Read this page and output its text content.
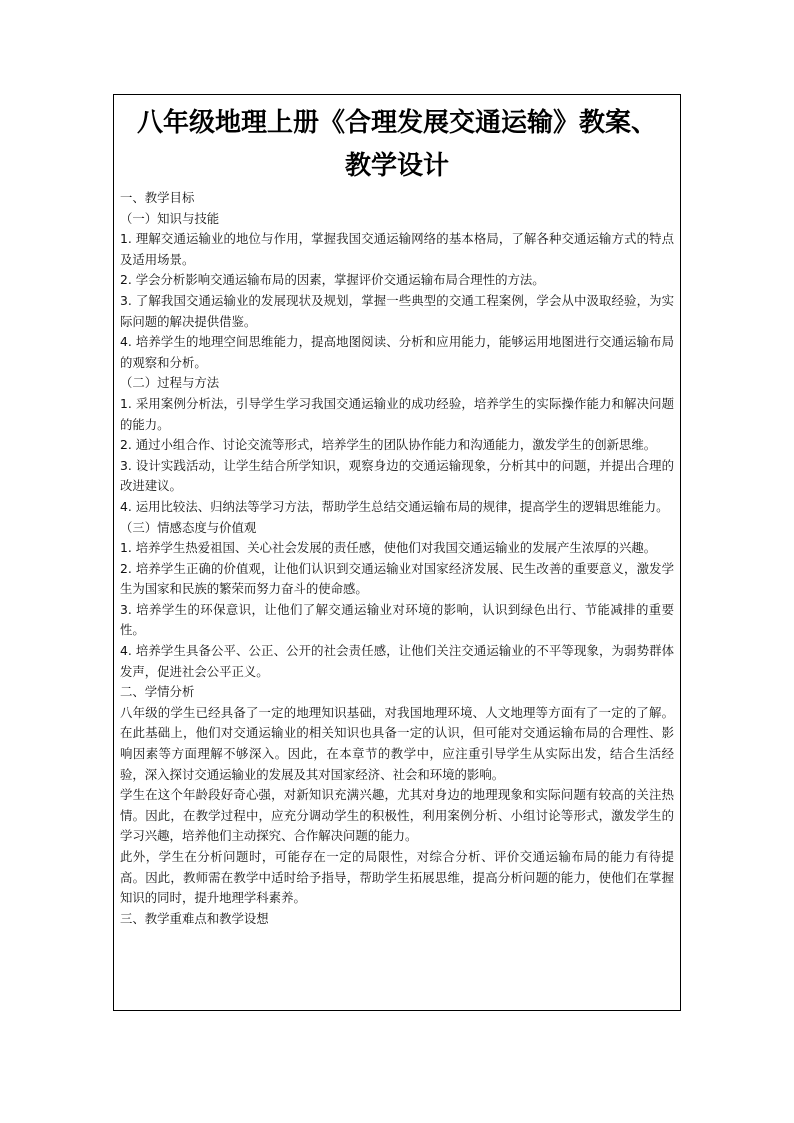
八年级地理上册《合理发展交通运输》教案、
教学设计

一、教学目标

（一）知识与技能

1. 理解交通运输业的地位与作用，掌握我国交通运输网络的基本格局，了解各种交通运输方式的特点及适用场景。

2. 学会分析影响交通运输布局的因素，掌握评价交通运输布局合理性的方法。

3. 了解我国交通运输业的发展现状及规划，掌握一些典型的交通工程案例，学会从中汲取经验，为实际问题的解决提供借鉴。

4. 培养学生的地理空间思维能力，提高地图阅读、分析和应用能力，能够运用地图进行交通运输布局的观察和分析。

（二）过程与方法

1. 采用案例分析法，引导学生学习我国交通运输业的成功经验，培养学生的实际操作能力和解决问题的能力。

2. 通过小组合作、讨论交流等形式，培养学生的团队协作能力和沟通能力，激发学生的创新思维。

3. 设计实践活动，让学生结合所学知识，观察身边的交通运输现象，分析其中的问题，并提出合理的改进建议。

4. 运用比较法、归纳法等学习方法，帮助学生总结交通运输布局的规律，提高学生的逻辑思维能力。

（三）情感态度与价值观

1. 培养学生热爱祖国、关心社会发展的责任感，使他们对我国交通运输业的发展产生浓厚的兴趣。

2. 培养学生正确的价值观，让他们认识到交通运输业对国家经济发展、民生改善的重要意义，激发学生为国家和民族的繁荣而努力奋斗的使命感。

3. 培养学生的环保意识，让他们了解交通运输业对环境的影响，认识到绿色出行、节能减排的重要性。

4. 培养学生具备公平、公正、公开的社会责任感，让他们关注交通运输业的不平等现象，为弱势群体发声，促进社会公平正义。

二、学情分析

八年级的学生已经具备了一定的地理知识基础，对我国地理环境、人文地理等方面有了一定的了解。在此基础上，他们对交通运输业的相关知识也具备一定的认识，但可能对交通运输布局的合理性、影响因素等方面理解不够深入。因此，在本章节的教学中，应注重引导学生从实际出发，结合生活经验，深入探讨交通运输业的发展及其对国家经济、社会和环境的影响。

学生在这个年龄段好奇心强，对新知识充满兴趣，尤其对身边的地理现象和实际问题有较高的关注热情。因此，在教学过程中，应充分调动学生的积极性，利用案例分析、小组讨论等形式，激发学生的学习兴趣，培养他们主动探究、合作解决问题的能力。

此外，学生在分析问题时，可能存在一定的局限性，对综合分析、评价交通运输布局的能力有待提高。因此，教师需在教学中适时给予指导，帮助学生拓展思维，提高分析问题的能力，使他们在掌握知识的同时，提升地理学科素养。

三、教学重难点和教学设想
